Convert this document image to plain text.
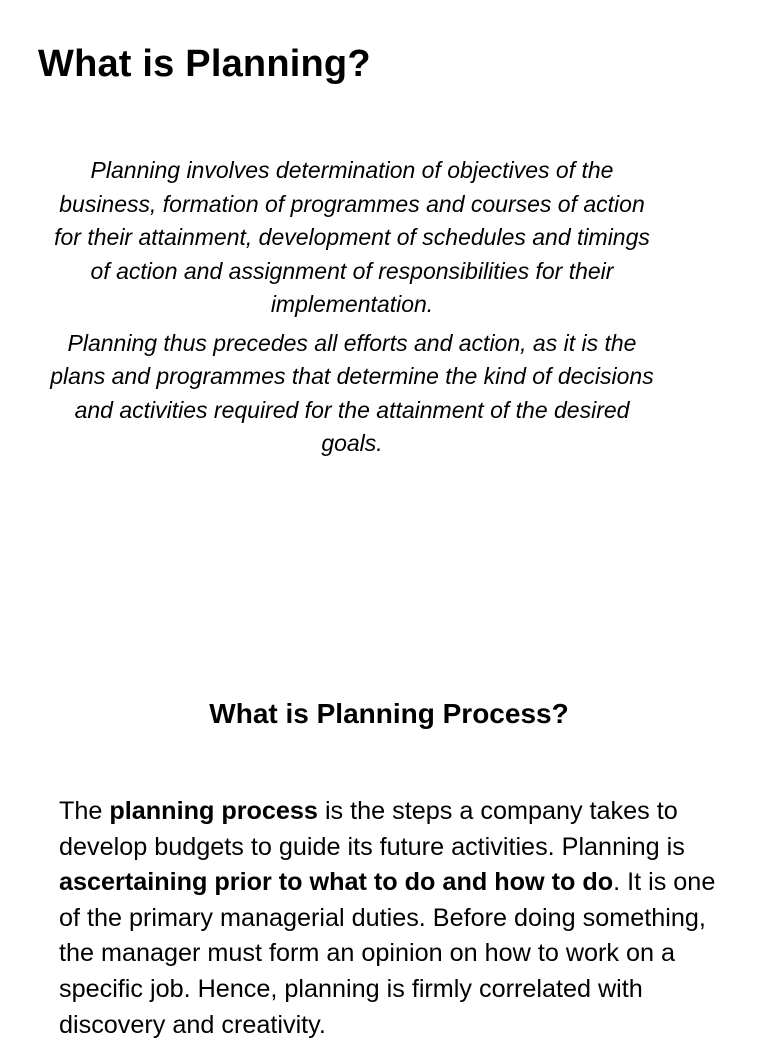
What is Planning?

Planning involves determination of objectives of the business, formation of programmes and courses of action for their attainment, development of schedules and timings of action and assignment of responsibilities for their implementation.

Planning thus precedes all efforts and action, as it is the plans and programmes that determine the kind of decisions and activities required for the attainment of the desired goals.

What is Planning Process?

The planning process is the steps a company takes to develop budgets to guide its future activities. Planning is ascertaining prior to what to do and how to do. It is one of the primary managerial duties. Before doing something, the manager must form an opinion on how to work on a specific job. Hence, planning is firmly correlated with discovery and creativity.
